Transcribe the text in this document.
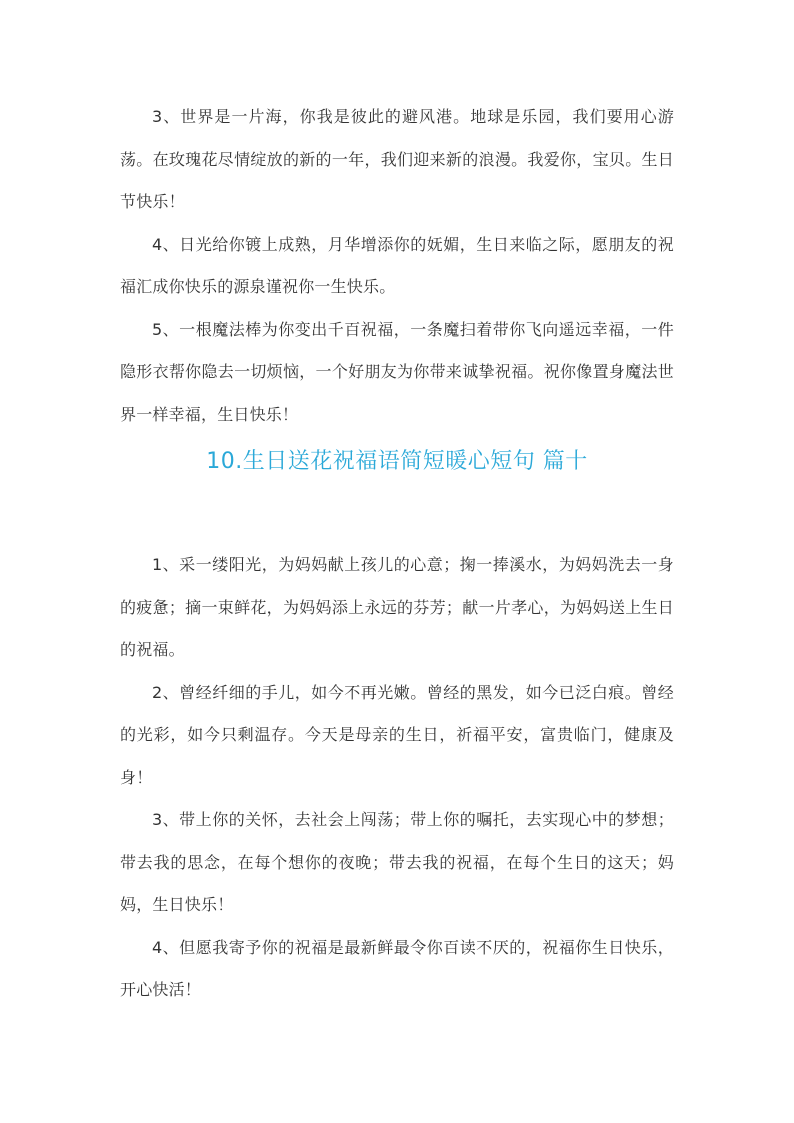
3、世界是一片海，你我是彼此的避风港。地球是乐园，我们要用心游荡。在玫瑰花尽情绽放的新的一年，我们迎来新的浪漫。我爱你，宝贝。生日节快乐！

4、日光给你镀上成熟，月华增添你的妩媚，生日来临之际，愿朋友的祝福汇成你快乐的源泉谨祝你一生快乐。

5、一根魔法棒为你变出千百祝福，一条魔扫着带你飞向遥远幸福，一件隐形衣帮你隐去一切烦恼，一个好朋友为你带来诚挚祝福。祝你像置身魔法世界一样幸福，生日快乐！

10.生日送花祝福语简短暖心短句 篇十

1、采一缕阳光，为妈妈献上孩儿的心意；掬一捧溪水，为妈妈洗去一身的疲惫；摘一束鲜花，为妈妈添上永远的芬芳；献一片孝心，为妈妈送上生日的祝福。

2、曾经纤细的手儿，如今不再光嫩。曾经的黑发，如今已泛白痕。曾经的光彩，如今只剩温存。今天是母亲的生日，祈福平安，富贵临门，健康及身！

3、带上你的关怀，去社会上闯荡；带上你的嘱托，去实现心中的梦想；带去我的思念，在每个想你的夜晚；带去我的祝福，在每个生日的这天；妈妈，生日快乐！

4、但愿我寄予你的祝福是最新鲜最令你百读不厌的，祝福你生日快乐，开心快活！
